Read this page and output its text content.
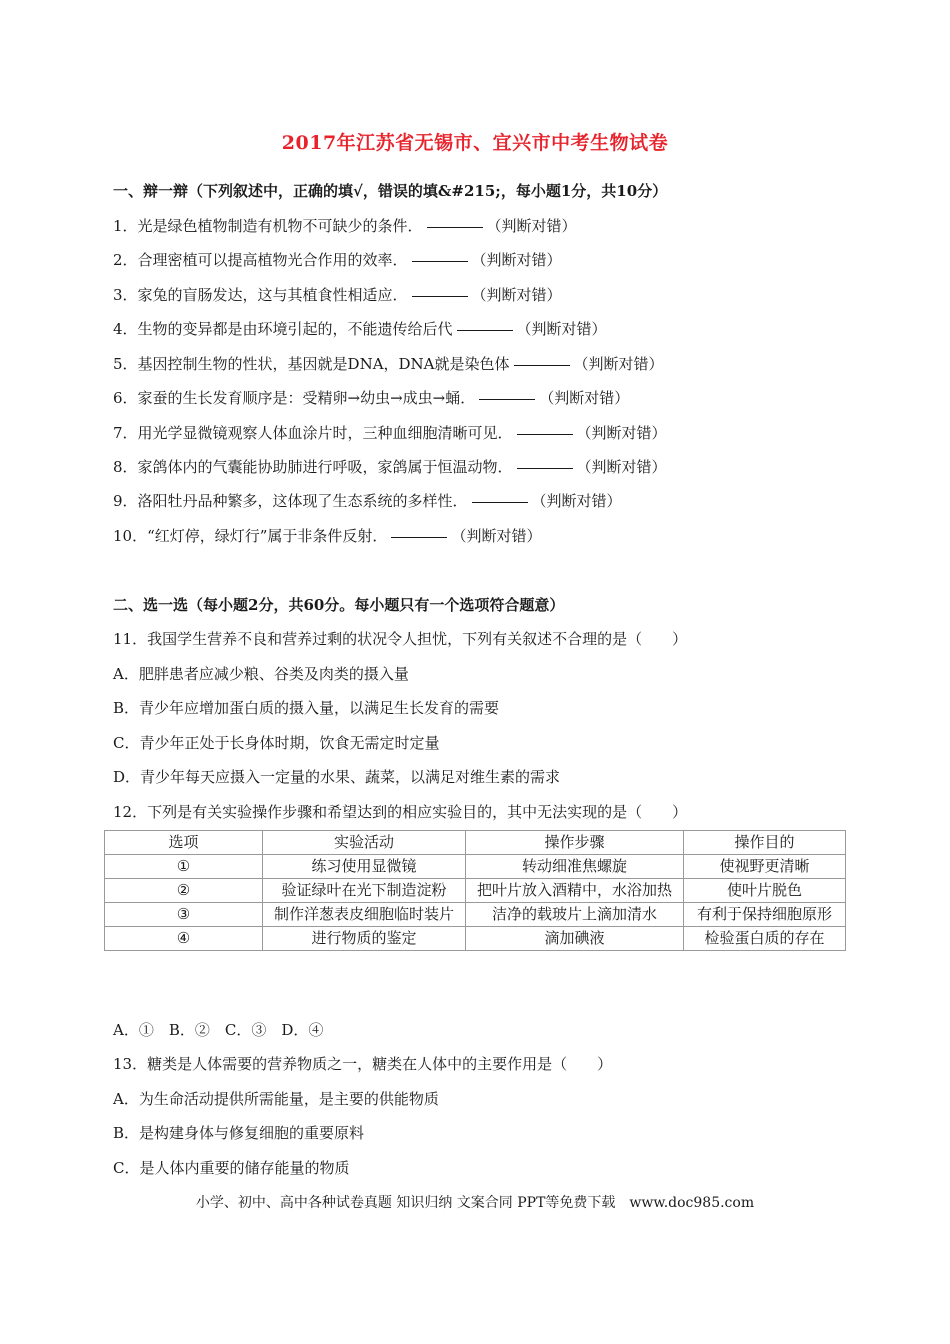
2017年江苏省无锡市、宜兴市中考生物试卷
一、辩一辩（下列叙述中，正确的填√，错误的填&#215;，每小题1分，共10分）
1．光是绿色植物制造有机物不可缺少的条件．	（判断对错）
2．合理密植可以提高植物光合作用的效率．	（判断对错）
3．家兔的盲肠发达，这与其植食性相适应．	（判断对错）
4．生物的变异都是由环境引起的，不能遗传给后代	（判断对错）
5．基因控制生物的性状，基因就是DNA，DNA就是染色体	（判断对错）
6．家蚕的生长发育顺序是：受精卵→幼虫→成虫→蛹．	（判断对错）
7．用光学显微镜观察人体血涂片时，三种血细胞清晰可见．	（判断对错）
8．家鸽体内的气囊能协助肺进行呼吸，家鸽属于恒温动物．	（判断对错）
9．洛阳牡丹品种繁多，这体现了生态系统的多样性．	（判断对错）
10．“红灯停，绿灯行”属于非条件反射．	（判断对错）
二、选一选（每小题2分，共60分。每小题只有一个选项符合题意）
11．我国学生营养不良和营养过剩的状况令人担忧，下列有关叙述不合理的是（　　）
A．肥胖患者应减少粮、谷类及肉类的摄入量
B．青少年应增加蛋白质的摄入量，以满足生长发育的需要
C．青少年正处于长身体时期，饮食无需定时定量
D．青少年每天应摄入一定量的水果、蔬菜，以满足对维生素的需求
12．下列是有关实验操作步骤和希望达到的相应实验目的，其中无法实现的是（　　）
选项	实验活动	操作步骤	操作目的
①	练习使用显微镜	转动细准焦螺旋	使视野更清晰
②	验证绿叶在光下制造淀粉	把叶片放入酒精中，水浴加热	使叶片脱色
③	制作洋葱表皮细胞临时装片	洁净的载玻片上滴加清水	有利于保持细胞原形
④	进行物质的鉴定	滴加碘液	检验蛋白质的存在
A．①　B．②　C．③　D．④
13．糖类是人体需要的营养物质之一，糖类在人体中的主要作用是（　　）
A．为生命活动提供所需能量，是主要的供能物质
B．是构建身体与修复细胞的重要原料
C．是人体内重要的储存能量的物质
小学、初中、高中各种试卷真题 知识归纳 文案合同 PPT等免费下载　www.doc985.com
